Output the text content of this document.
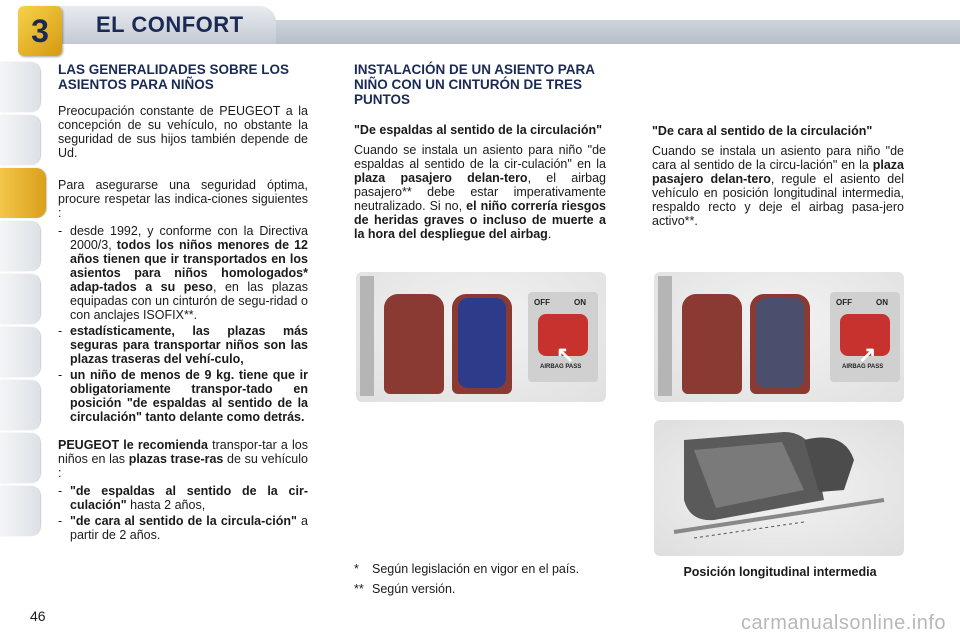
3	EL CONFORT
LAS GENERALIDADES SOBRE LOS ASIENTOS PARA NIÑOS

Preocupación constante de PEUGEOT a la concepción de su vehículo, no obstante la seguridad de sus hijos también depende de Ud.

Para asegurarse una seguridad óptima, procure respetar las indica-ciones siguientes :

- desde 1992, y conforme con la Directiva 2000/3, todos los niños menores de 12 años tienen que ir transportados en los asientos para niños homologados* adap-tados a su peso, en las plazas equipadas con un cinturón de segu-ridad o con anclajes ISOFIX**.
- estadísticamente, las plazas más seguras para transportar niños son las plazas traseras del vehí-culo,
- un niño de menos de 9 kg. tiene que ir obligatoriamente transpor-tado en posición "de espaldas al sentido de la circulación" tanto delante como detrás.

PEUGEOT le recomienda transpor-tar a los niños en las plazas trase-ras de su vehículo :

- "de espaldas al sentido de la cir-culación" hasta 2 años,
- "de cara al sentido de la circula-ción" a partir de 2 años.
INSTALACIÓN DE UN ASIENTO PARA NIÑO CON UN CINTURÓN DE TRES PUNTOS
"De espaldas al sentido de la circulación"

Cuando se instala un asiento para niño "de espaldas al sentido de la cir-culación" en la plaza pasajero delan-tero, el airbag pasajero** debe estar imperativamente neutralizado. Si no, el niño correría riesgos de heridas graves o incluso de muerte a la hora del despliegue del airbag.

"De cara al sentido de la circulación"

Cuando se instala un asiento para niño "de cara al sentido de la circu-lación" en la plaza pasajero delan-tero, regule el asiento del vehículo en posición longitudinal intermedia, respaldo recto y deje el airbag pasa-jero activo**.

OFF	ON
↖
AIRBAG PASS
OFF	ON
↗
AIRBAG PASS
*	Según legislación en vigor en el país.
** Según versión.
Posición longitudinal intermedia
46	carmanualsonline.info
